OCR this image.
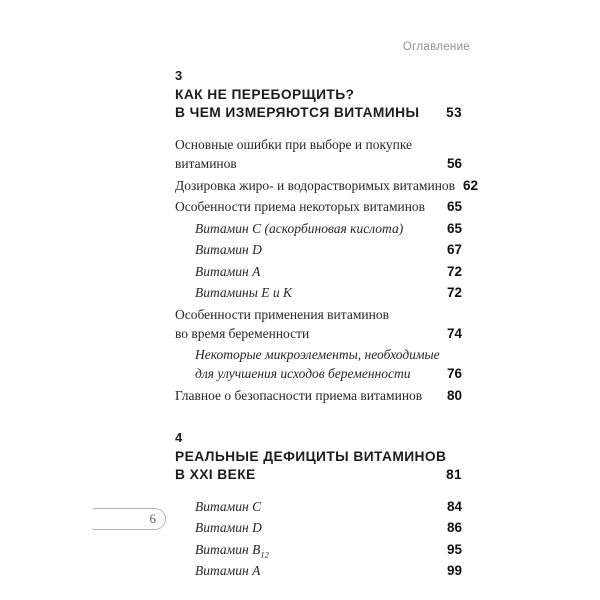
Оглавление
3
КАК НЕ ПЕРЕБОРЩИТЬ?
В ЧЕМ ИЗМЕРЯЮТСЯ ВИТАМИНЫ 53
Основные ошибки при выборе и покупке
витаминов	56
Дозировка жиро- и водорастворимых витаминов 62
Особенности приема некоторых витаминов 65
Витамин C (аскорбиновая кислота)	65
Витамин D	67
Витамин А	72
Витамины Е и К	72
Особенности применения витаминов
во время беременности	74
Некоторые микроэлементы, необходимые
для улучшения исходов беременности	76
Главное о безопасности приема витаминов 80
4
РЕАЛЬНЫЕ ДЕФИЦИТЫ ВИТАМИНОВ
В XXI ВЕКЕ	81
Витамин C	84
Витамин D	86
Витамин $B_{12}$	95
Витамин А	99
6
